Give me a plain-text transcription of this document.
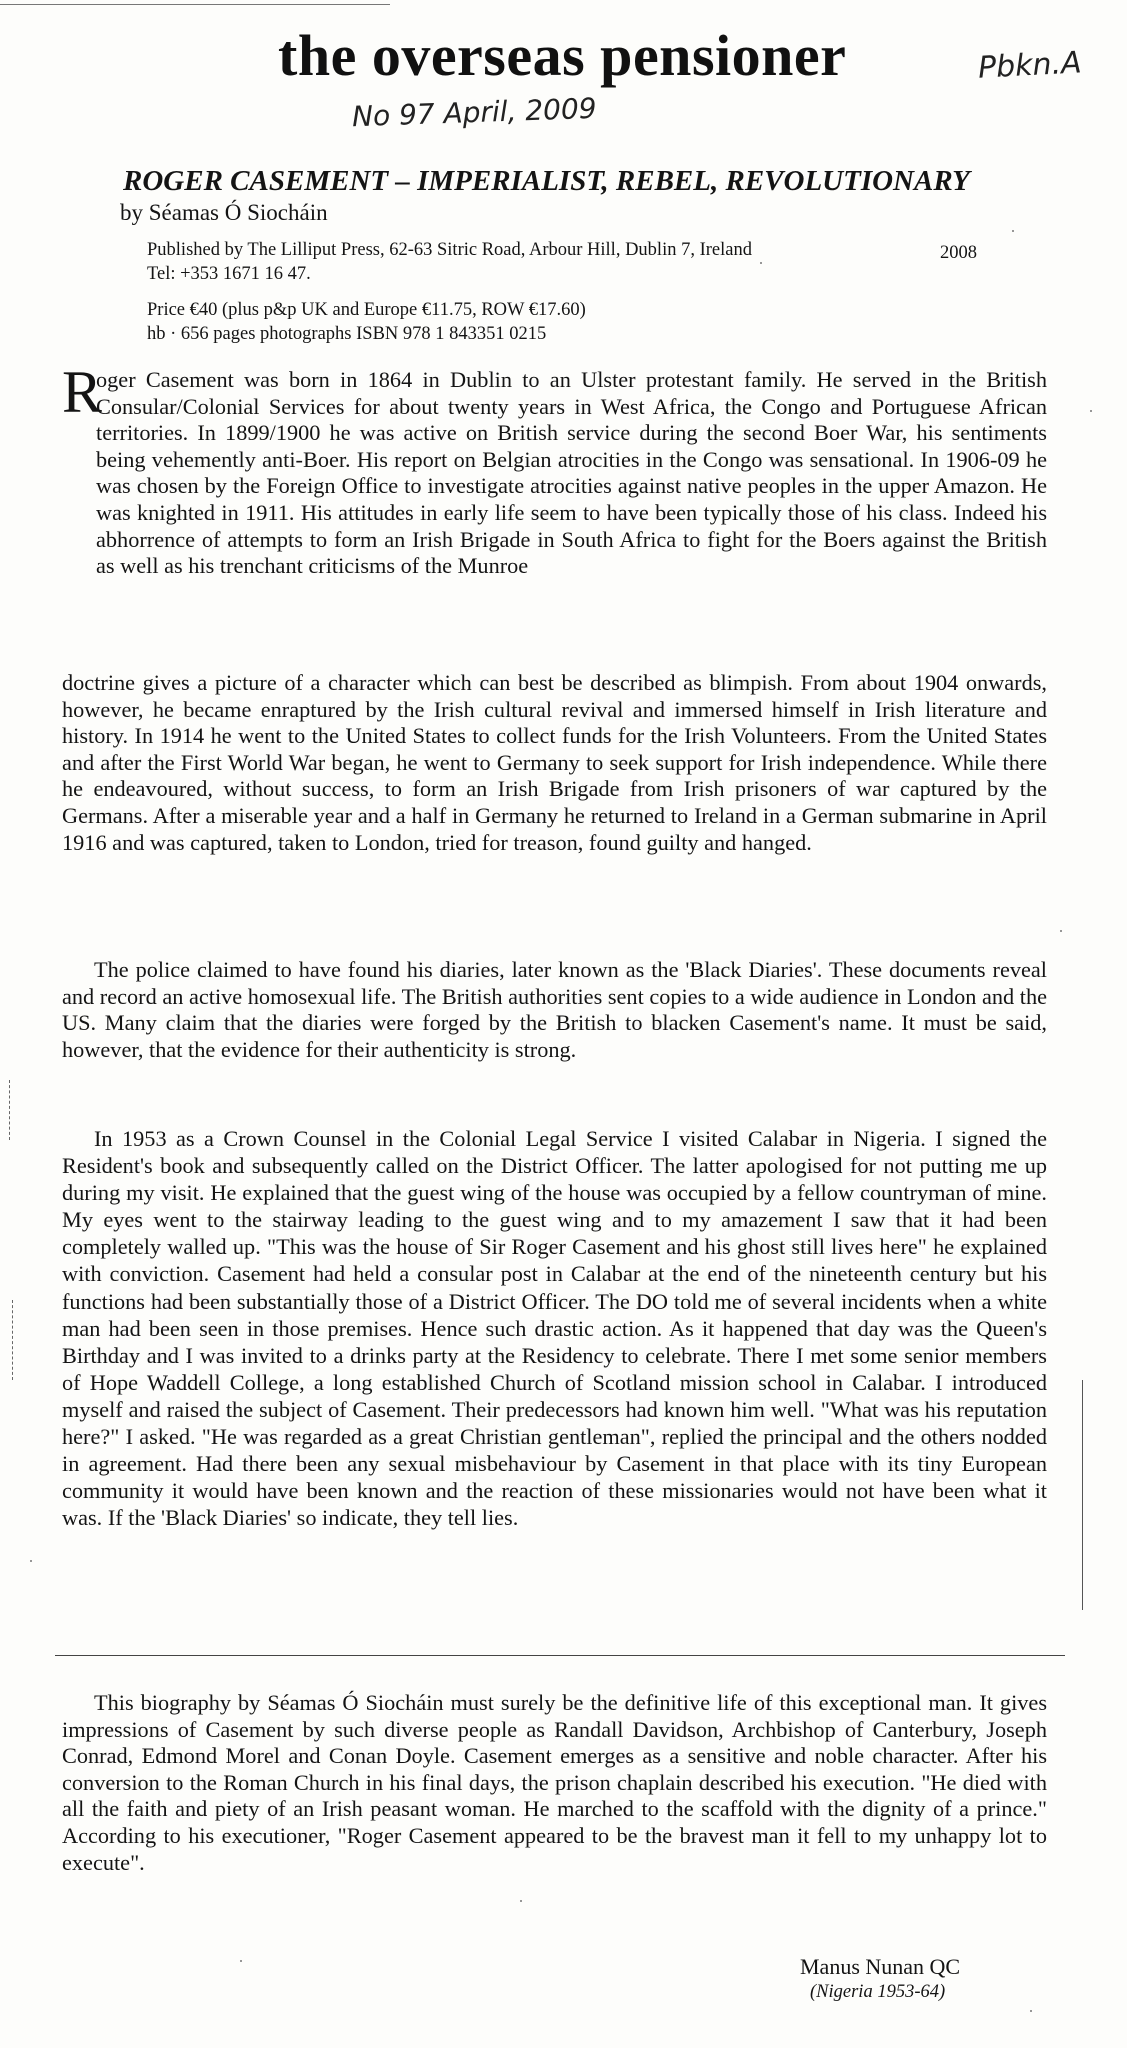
the overseas pensioner	Pbkn.A
No 97 April, 2009
ROGER CASEMENT – IMPERIALIST, REBEL, REVOLUTIONARY
by Séamas Ó Siocháin
Published by The Lilliput Press, 62-63 Sitric Road, Arbour Hill, Dublin 7, Ireland	2008
Tel: +353 1671 16 47.
Price €40 (plus p&p UK and Europe €11.75, ROW €17.60)
hb · 656 pages photographs ISBN 978 1 843351 0215

R
oger Casement was born in 1864 in Dublin to an Ulster protestant family. He served in the British Consular/Colonial Services for about twenty years in West Africa, the Congo and Portuguese African territories. In 1899/1900 he was active on British service during the second Boer War, his sentiments being vehemently anti-Boer. His report on Belgian atrocities in the Congo was sensational. In 1906-09 he was chosen by the Foreign Office to investigate atrocities against native peoples in the upper Amazon. He was knighted in 1911. His attitudes in early life seem to have been typically those of his class. Indeed his abhorrence of attempts to form an Irish Brigade in South Africa to fight for the Boers against the British as well as his trenchant criticisms of the Munroe

doctrine gives a picture of a character which can best be described as blimpish. From about 1904 onwards, however, he became enraptured by the Irish cultural revival and immersed himself in Irish literature and history. In 1914 he went to the United States to collect funds for the Irish Volunteers. From the United States and after the First World War began, he went to Germany to seek support for Irish independence. While there he endeavoured, without success, to form an Irish Brigade from Irish prisoners of war captured by the Germans. After a miserable year and a half in Germany he returned to Ireland in a German submarine in April 1916 and was captured, taken to London, tried for treason, found guilty and hanged.

The police claimed to have found his diaries, later known as the 'Black Diaries'. These documents reveal and record an active homosexual life. The British authorities sent copies to a wide audience in London and the US. Many claim that the diaries were forged by the British to blacken Casement's name. It must be said, however, that the evidence for their authenticity is strong.

In 1953 as a Crown Counsel in the Colonial Legal Service I visited Calabar in Nigeria. I signed the Resident's book and subsequently called on the District Officer. The latter apologised for not putting me up during my visit. He explained that the guest wing of the house was occupied by a fellow countryman of mine. My eyes went to the stairway leading to the guest wing and to my amazement I saw that it had been completely walled up. "This was the house of Sir Roger Casement and his ghost still lives here" he explained with conviction. Casement had held a consular post in Calabar at the end of the nineteenth century but his functions had been substantially those of a District Officer. The DO told me of several incidents when a white man had been seen in those premises. Hence such drastic action. As it happened that day was the Queen's Birthday and I was invited to a drinks party at the Residency to celebrate. There I met some senior members of Hope Waddell College, a long established Church of Scotland mission school in Calabar. I introduced myself and raised the subject of Casement. Their predecessors had known him well. "What was his reputation here?" I asked. "He was regarded as a great Christian gentleman", replied the principal and the others nodded in agreement. Had there been any sexual misbehaviour by Casement in that place with its tiny European community it would have been known and the reaction of these missionaries would not have been what it was. If the 'Black Diaries' so indicate, they tell lies.

This biography by Séamas Ó Siocháin must surely be the definitive life of this exceptional man. It gives impressions of Casement by such diverse people as Randall Davidson, Archbishop of Canterbury, Joseph Conrad, Edmond Morel and Conan Doyle. Casement emerges as a sensitive and noble character. After his conversion to the Roman Church in his final days, the prison chaplain described his execution. "He died with all the faith and piety of an Irish peasant woman. He marched to the scaffold with the dignity of a prince." According to his executioner, "Roger Casement appeared to be the bravest man it fell to my unhappy lot to execute".

Manus Nunan QC
(Nigeria 1953-64)
